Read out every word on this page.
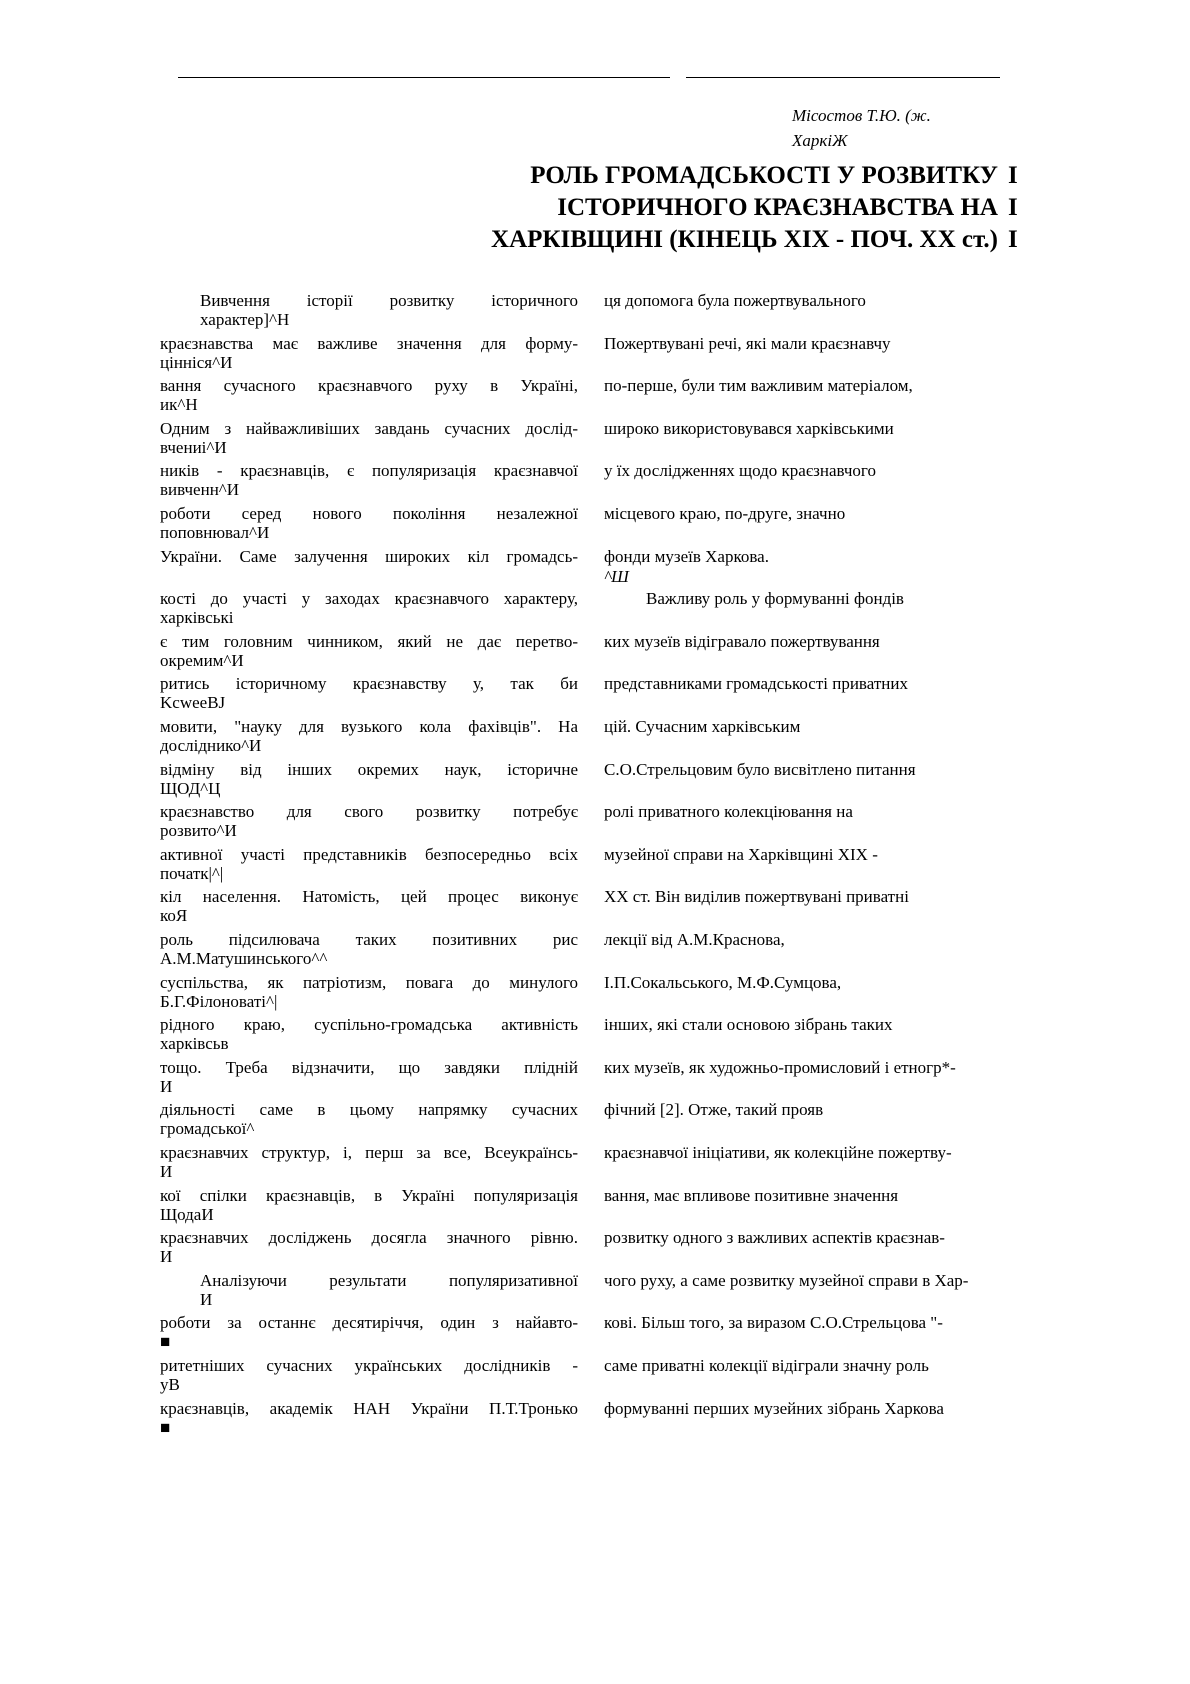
Місостов Т.Ю. (ж.
ХаркіЖ
РОЛЬ ГРОМАДСЬКОСТІ У РОЗВИТКУ
ІСТОРИЧНОГО КРАЄЗНАВСТВА НА
ХАРКІВЩИНІ (КІНЕЦЬ XIX - ПОЧ. XX ст.)
I
I
I
Вивчення історії розвитку історичного
характер]^Н
ця допомога була пожертвувального
краєзнавства має важливе значення для форму-
цінніся^И
Пожертвувані речі, які мали краєзнавчу
вання сучасного краєзнавчого руху в Україні,
ик^Н
по-перше, були тим важливим матеріалом,
Одним з найважливіших завдань сучасних дослід-
вчениі^И
широко використовувався харківськими
ників - краєзнавців, є популяризація краєзнавчої
вивченн^И
у їх дослідженнях щодо краєзнавчого
роботи серед нового покоління незалежної
поповнювал^И
місцевого краю, по-друге, значно
України. Саме залучення широких кіл громадсь- фонди музеїв Харкова.
^Ш
кості до участі у заходах краєзнавчого характеру,
харківські
Важливу роль у формуванні фондів
є тим головним чинником, який не дає перетво-
окремим^И
ких музеїв відігравало пожертвування
ритись історичному краєзнавству у, так би
KcweeBJ
представниками громадськості приватних
мовити, "науку для вузького кола фахівців". На
досліднико^И
цій. Сучасним харківським
відміну від інших окремих наук, історичне
ЩОД^Ц
С.О.Стрельцовим було висвітлено питання
краєзнавство для свого розвитку потребує
розвито^И
ролі приватного колекціювання на
активної участі представників безпосередньо всіх
початк|^|
музейної справи на Харківщині XIX -
кіл населення. Натомість, цей процес виконує
коЯ
XX ст. Він виділив пожертвувані приватні
роль підсилювача таких позитивних рис
А.М.Матушинського^^
лекції від А.М.Краснова,
суспільства, як патріотизм, повага до минулого
Б.Г.Філоноваті^|
І.П.Сокальського, М.Ф.Сумцова,
рідного краю, суспільно-громадська активність
харківсьв
інших, які стали основою зібрань таких
тощо. Треба відзначити, що завдяки плідній
И
ких музеїв, як художньо-промисловий і етногр*-
діяльності саме в цьому напрямку сучасних
громадської^
фічний [2]. Отже, такий прояв
краєзнавчих структур, і, перш за все, Всеукраїнсь-
И
краєзнавчої ініціативи, як колекційне пожертву-
кої спілки краєзнавців, в Україні популяризація
ЩодаИ
вання, має впливове позитивне значення
краєзнавчих досліджень досягла значного рівню.
И
розвитку одного з важливих аспектів краєзнав-
Аналізуючи результати популяризативної
И
чого руху, а саме розвитку музейної справи в Хар-
роботи за останнє десятиріччя, один з найавто-
■
кові. Більш того, за виразом С.О.Стрельцова "-
ритетніших сучасних українських дослідників -
уВ
саме приватні колекції відіграли значну роль
краєзнавців, академік НАН України П.Т.Тронько
■
формуванні перших музейних зібрань Харкова
